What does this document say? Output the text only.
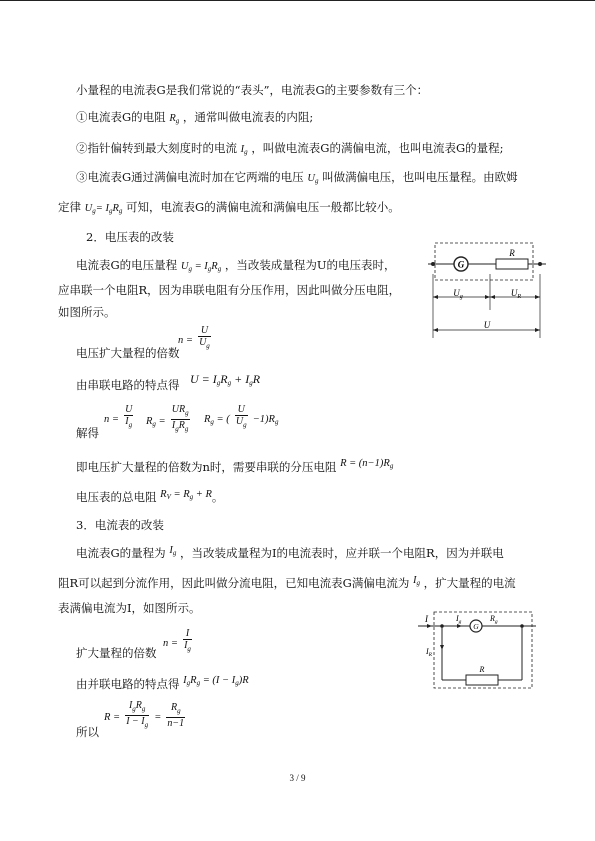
小量程的电流表G是我们常说的“表头”，电流表G的主要参数有三个：
①电流表G的电阻 $R_g$ ，通常叫做电流表的内阻;
②指针偏转到最大刻度时的电流 $I_g$ ，叫做电流表G的满偏电流，也叫电流表G的量程;
③电流表G通过满偏电流时加在它两端的电压 $U_g$ 叫做满偏电压，也叫电压量程。由欧姆
定律 $U_g= I_gR_g$ 可知，电流表G的满偏电流和满偏电压一般都比较小。
2．电压表的改装
电流表G的电压量程 $U_g = I_gR_g$ ，当改装成量程为U的电压表时，
应串联一个电阻R，因为串联电阻有分压作用，因此叫做分压电阻，
如图所示。
G
R
$U_g$	$U_R$
U
电压扩大量程的倍数
$n = \frac{U}{U_g}$
由串联电路的特点得 $U = I_gR_g + I_gR$
解得
$n = \frac{U}{I_g} R_g = \frac{UR_g}{I_gR_g} R_g$ = ( $\frac{U}{U_g} -1)R_g$
即电压扩大量程的倍数为n时，需要串联的分压电阻 $R = (n-1)R_g$
电压表的总电阻 $R_V = R_g + R$。
3．电流表的改装
电流表G的量程为 $I_g$ ，当改装成量程为I的电流表时，应并联一个电阻R，因为并联电
阻R可以起到分流作用，因此叫做分流电阻，已知电流表G满偏电流为 $I_g$ ，扩大量程的电流
表满偏电流为I，如图所示。
I	$I_g$ G
$R_g$
$I_R$
R
扩大量程的倍数
$n = \frac{I}{I_g}$
由并联电路的特点得 $I_gR_g = (I - I_g)R$
所以
$R = \frac{I_gR_g}{I - I_g} = \frac{R_g}{n-1}$
3 / 9
